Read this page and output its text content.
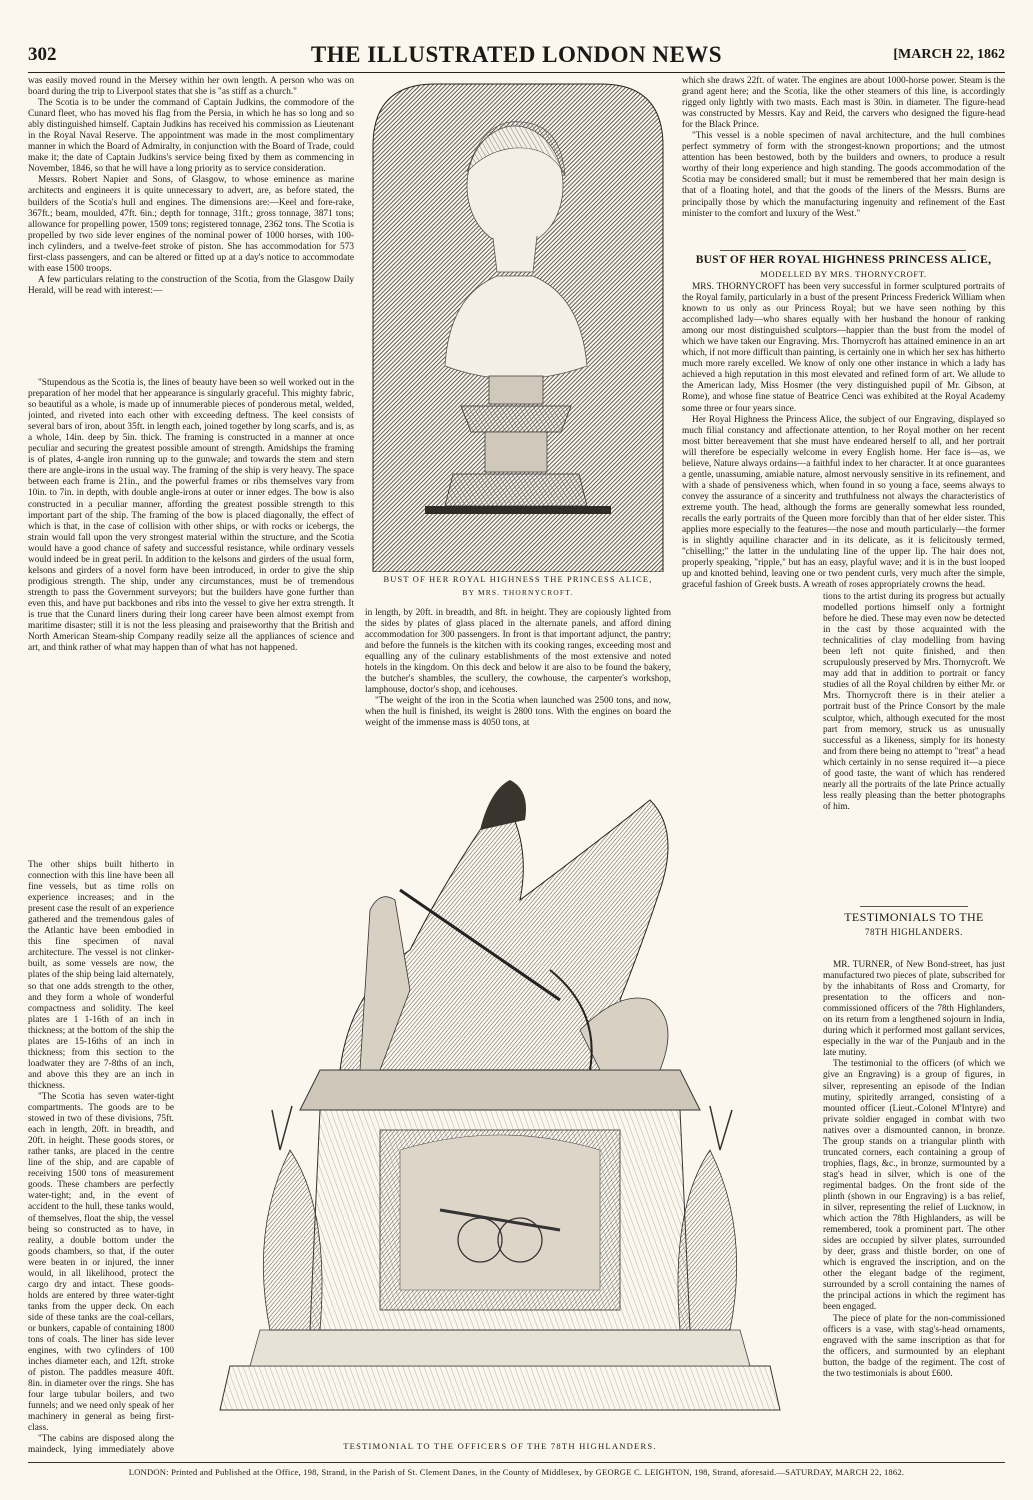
302	THE ILLUSTRATED LONDON NEWS	[MARCH 22, 1862

was easily moved round in the Mersey within her own length. A person who was on board during the trip to Liverpool states that she is "as stiff as a church."

The Scotia is to be under the command of Captain Judkins, the commodore of the Cunard fleet, who has moved his flag from the Persia, in which he has so long and so ably distinguished himself. Captain Judkins has received his commission as Lieutenant in the Royal Naval Reserve. The appointment was made in the most complimentary manner in which the Board of Admiralty, in conjunction with the Board of Trade, could make it; the date of Captain Judkins's service being fixed by them as commencing in November, 1846, so that he will have a long priority as to service consideration.

Messrs. Robert Napier and Sons, of Glasgow, to whose eminence as marine architects and engineers it is quite unnecessary to advert, are, as before stated, the builders of the Scotia's hull and engines. The dimensions are:—Keel and fore-rake, 367ft.; beam, moulded, 47ft. 6in.; depth for tonnage, 31ft.; gross tonnage, 3871 tons; allowance for propelling power, 1509 tons; registered tonnage, 2362 tons. The Scotia is propelled by two side lever engines of the nominal power of 1000 horses, with 100-inch cylinders, and a twelve-feet stroke of piston. She has accommodation for 573 first-class passengers, and can be altered or fitted up at a day's notice to accommodate with ease 1500 troops.

A few particulars relating to the construction of the Scotia, from the Glasgow Daily Herald, will be read with interest:—

"Stupendous as the Scotia is, the lines of beauty have been so well worked out in the preparation of her model that her appearance is singularly graceful. This mighty fabric, so beautiful as a whole, is made up of innumerable pieces of ponderous metal, welded, jointed, and riveted into each other with exceeding deftness. The keel consists of several bars of iron, about 35ft. in length each, joined together by long scarfs, and is, as a whole, 14in. deep by 5in. thick. The framing is constructed in a manner at once peculiar and securing the greatest possible amount of strength. Amidships the framing is of plates, 4-angle iron running up to the gunwale; and towards the stem and stern there are angle-irons in the usual way. The framing of the ship is very heavy. The space between each frame is 21in., and the powerful frames or ribs themselves vary from 10in. to 7in. in depth, with double angle-irons at outer or inner edges. The bow is also constructed in a peculiar manner, affording the greatest possible strength to this important part of the ship. The framing of the bow is placed diagonally, the effect of which is that, in the case of collision with other ships, or with rocks or icebergs, the strain would fall upon the very strongest material within the structure, and the Scotia would have a good chance of safety and successful resistance, while ordinary vessels would indeed be in great peril. In addition to the kelsons and girders of the usual form, kelsons and girders of a novel form have been introduced, in order to give the ship prodigious strength. The ship, under any circumstances, must be of tremendous strength to pass the Government surveyors; but the builders have gone further than even this, and have put backbones and ribs into the vessel to give her extra strength. It is true that the Cunard liners during their long career have been almost exempt from maritime disaster; still it is not the less pleasing and praiseworthy that the British and North American Steam-ship Company readily seize all the appliances of science and art, and think rather of what may happen than of what has not happened.

The other ships built hitherto in connection with this line have been all fine vessels, but as time rolls on experience increases; and in the present case the result of an experience gathered and the tremendous gales of the Atlantic have been embodied in this fine specimen of naval architecture. The vessel is not clinker-built, as some vessels are now, the plates of the ship being laid alternately, so that one adds strength to the other, and they form a whole of wonderful compactness and solidity. The keel plates are 1 1-16th of an inch in thickness; at the bottom of the ship the plates are 15-16ths of an inch in thickness; from this section to the loadwater they are 7-8ths of an inch, and above this they are an inch in thickness.

"The Scotia has seven water-tight compartments. The goods are to be stowed in two of these divisions, 75ft. each in length, 20ft. in breadth, and 20ft. in height. These goods stores, or rather tanks, are placed in the centre line of the ship, and are capable of receiving 1500 tons of measurement goods. These chambers are perfectly water-tight; and, in the event of accident to the hull, these tanks would, of themselves, float the ship, the vessel being so constructed as to have, in reality, a double bottom under the goods chambers, so that, if the outer were beaten in or injured, the inner would, in all likelihood, protect the cargo dry and intact. These goods-holds are entered by three water-tight tanks from the upper deck. On each side of these tanks are the coal-cellars, or bunkers, capable of containing 1800 tons of coals. The liner has side lever engines, with two cylinders of 100 inches diameter each, and 12ft. stroke of piston. The paddles measure 40ft. 8in. in diameter over the rings. She has four large tubular boilers, and two funnels; and we need only speak of her machinery in general as being first-class.

"The cabins are disposed along the maindeck, lying immediately above

BUST OF HER ROYAL HIGHNESS THE PRINCESS ALICE,
BY MRS. THORNYCROFT.

in length, by 20ft. in breadth, and 8ft. in height. They are copiously lighted from the sides by plates of glass placed in the alternate panels, and afford dining accommodation for 300 passengers. In front is that important adjunct, the pantry; and before the funnels is the kitchen with its cooking ranges, exceeding most and equalling any of the culinary establishments of the most extensive and noted hotels in the kingdom. On this deck and below it are also to be found the bakery, the butcher's shambles, the scullery, the cowhouse, the carpenter's workshop, lamphouse, doctor's shop, and icehouses.

"The weight of the iron in the Scotia when launched was 2500 tons, and now, when the hull is finished, its weight is 2800 tons. With the engines on board the weight of the immense mass is 4050 tons, at

which she draws 22ft. of water. The engines are about 1000-horse power. Steam is the grand agent here; and the Scotia, like the other steamers of this line, is accordingly rigged only lightly with two masts. Each mast is 30in. in diameter. The figure-head was constructed by Messrs. Kay and Reid, the carvers who designed the figure-head for the Black Prince.

"This vessel is a noble specimen of naval architecture, and the hull combines perfect symmetry of form with the strongest-known proportions; and the utmost attention has been bestowed, both by the builders and owners, to produce a result worthy of their long experience and high standing. The goods accommodation of the Scotia may be considered small; but it must be remembered that her main design is that of a floating hotel, and that the goods of the liners of the Messrs. Burns are principally those by which the manufacturing ingenuity and refinement of the East minister to the comfort and luxury of the West."

BUST OF HER ROYAL HIGHNESS PRINCESS ALICE,
MODELLED BY MRS. THORNYCROFT.

MRS. THORNYCROFT has been very successful in former sculptured portraits of the Royal family, particularly in a bust of the present Princess Frederick William when known to us only as our Princess Royal; but we have seen nothing by this accomplished lady—who shares equally with her husband the honour of ranking among our most distinguished sculptors—happier than the bust from the model of which we have taken our Engraving. Mrs. Thornycroft has attained eminence in an art which, if not more difficult than painting, is certainly one in which her sex has hitherto much more rarely excelled. We know of only one other instance in which a lady has achieved a high reputation in this most elevated and refined form of art. We allude to the American lady, Miss Hosmer (the very distinguished pupil of Mr. Gibson, at Rome), and whose fine statue of Beatrice Cenci was exhibited at the Royal Academy some three or four years since.

Her Royal Highness the Princess Alice, the subject of our Engraving, displayed so much filial constancy and affectionate attention, to her Royal mother on her recent most bitter bereavement that she must have endeared herself to all, and her portrait will therefore be especially welcome in every English home. Her face is—as, we believe, Nature always ordains—a faithful index to her character. It at once guarantees a gentle, unassuming, amiable nature, almost nervously sensitive in its refinement, and with a shade of pensiveness which, when found in so young a face, seems always to convey the assurance of a sincerity and truthfulness not always the characteristics of extreme youth. The head, although the forms are generally somewhat less rounded, recalls the early portraits of the Queen more forcibly than that of her elder sister. This applies more especially to the features—the nose and mouth particularly—the former is in slightly aquiline character and in its delicate, as it is felicitously termed, "chiselling;" the latter in the undulating line of the upper lip. The hair does not, properly speaking, "ripple," but has an easy, playful wave; and it is in the bust looped up and knotted behind, leaving one or two pendent curls, very much after the simple, graceful fashion of Greek busts. A wreath of roses appropriately crowns the head.

tions to the artist during its progress but actually modelled portions himself only a fortnight before he died. These may even now be detected in the cast by those acquainted with the technicalities of clay modelling from having been left not quite finished, and then scrupulously preserved by Mrs. Thornycroft. We may add that in addition to portrait or fancy studies of all the Royal children by either Mr. or Mrs. Thornycroft there is in their atelier a portrait bust of the Prince Consort by the male sculptor, which, although executed for the most part from memory, struck us as unusually successful as a likeness, simply for its honesty and from there being no attempt to "treat" a head which certainly in no sense required it—a piece of good taste, the want of which has rendered nearly all the portraits of the late Prince actually less really pleasing than the better photographs of him.

TESTIMONIALS TO THE
78TH HIGHLANDERS.

MR. TURNER, of New Bond-street, has just manufactured two pieces of plate, subscribed for by the inhabitants of Ross and Cromarty, for presentation to the officers and non-commissioned officers of the 78th Highlanders, on its return from a lengthened sojourn in India, during which it performed most gallant services, especially in the war of the Punjaub and in the late mutiny.

The testimonial to the officers (of which we give an Engraving) is a group of figures, in silver, representing an episode of the Indian mutiny, spiritedly arranged, consisting of a mounted officer (Lieut.-Colonel M'Intyre) and private soldier engaged in combat with two natives over a dismounted cannon, in bronze. The group stands on a triangular plinth with truncated corners, each containing a group of trophies, flags, &c., in bronze, surmounted by a stag's head in silver, which is one of the regimental badges. On the front side of the plinth (shown in our Engraving) is a bas relief, in silver, representing the relief of Lucknow, in which action the 78th Highlanders, as will be remembered, took a prominent part. The other sides are occupied by silver plates, surrounded by deer, grass and thistle border, on one of which is engraved the inscription, and on the other the elegant badge of the regiment, surrounded by a scroll containing the names of the principal actions in which the regiment has been engaged.

The piece of plate for the non-commissioned officers is a vase, with stag's-head ornaments, engraved with the same inscription as that for the officers, and surmounted by an elephant button, the badge of the regiment. The cost of the two testimonials is about £600.

TESTIMONIAL TO THE OFFICERS OF THE 78TH HIGHLANDERS.
LONDON: Printed and Published at the Office, 198, Strand, in the Parish of St. Clement Danes, in the County of Middlesex, by GEORGE C. LEIGHTON, 198, Strand, aforesaid.—SATURDAY, MARCH 22, 1862.
